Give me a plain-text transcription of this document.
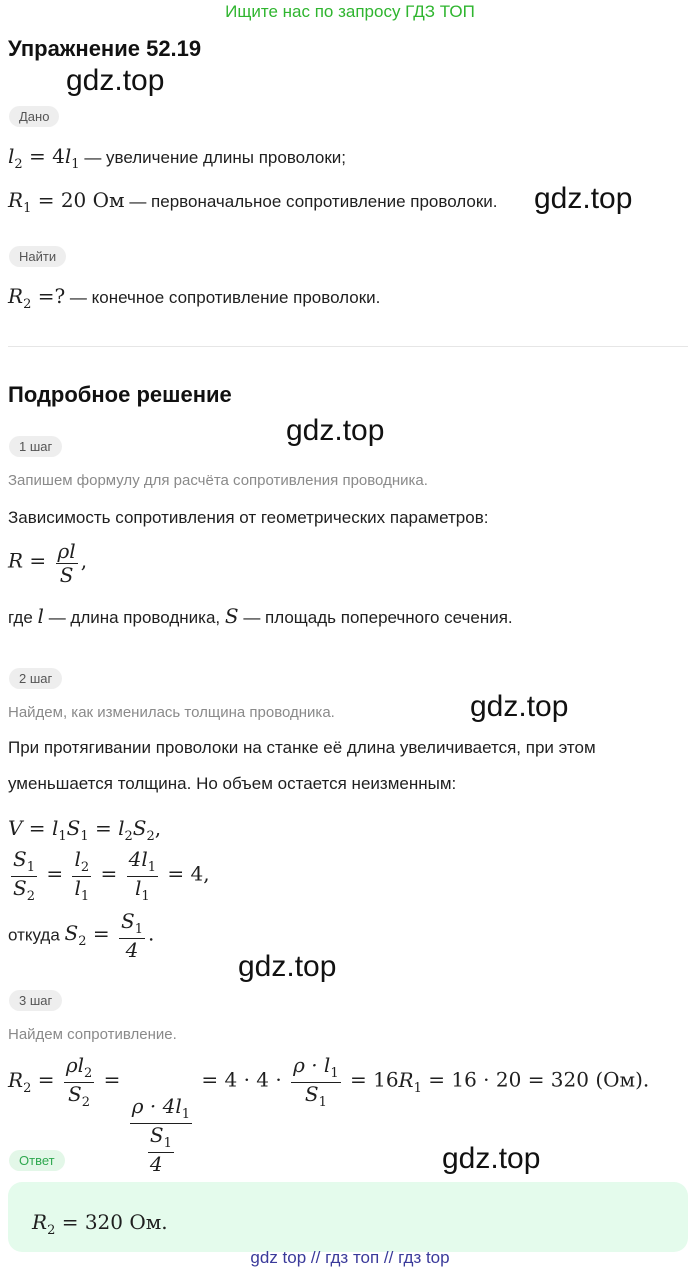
Ищите нас по запросу ГДЗ ТОП
Упражнение 52.19
gdz.top
gdz.top
gdz.top
gdz.top
gdz.top
gdz.top
Дано
$l_2 = 4l_1$ — увеличение длины проволоки;
$R_1 = 20$ Ом — первоначальное сопротивление проволоки.
Найти
$R_2$ =? — конечное сопротивление проволоки.
Подробное решение
1 шаг
Запишем формулу для расчёта сопротивления проводника.
Зависимость сопротивления от геометрических параметров:
$R = \frac{\rho l}{S}$ ,
где l — длина проводника, S — площадь поперечного сечения.
2 шаг
Найдем, как изменилась толщина проводника.
При протягивании проволоки на станке её длина увеличивается, при этом
уменьшается толщина. Но объем остается неизменным:
$V = l_1S_1 = l_2S_2$,
$\frac{S_1}{S_2} = \frac{l_2}{l_1} = \frac{4l_1}{l_1} = 4$,
откуда $S_2 = \frac{S_1}{4}$ .
3 шаг
Найдем сопротивление.
$R_2 = \frac{\rho l_2}{S_2}$ =
$\frac{\rho \cdot 4l_1}{\frac{S_1}{4}}$
= $4 \cdot 4 \cdot \frac{\rho \cdot l_1}{S_1} = 16R_1 = 16 \cdot 20 = 320$ (Ом).
Ответ
$R_2 = 320$ Ом.
gdz top // гдз топ // гдз top
